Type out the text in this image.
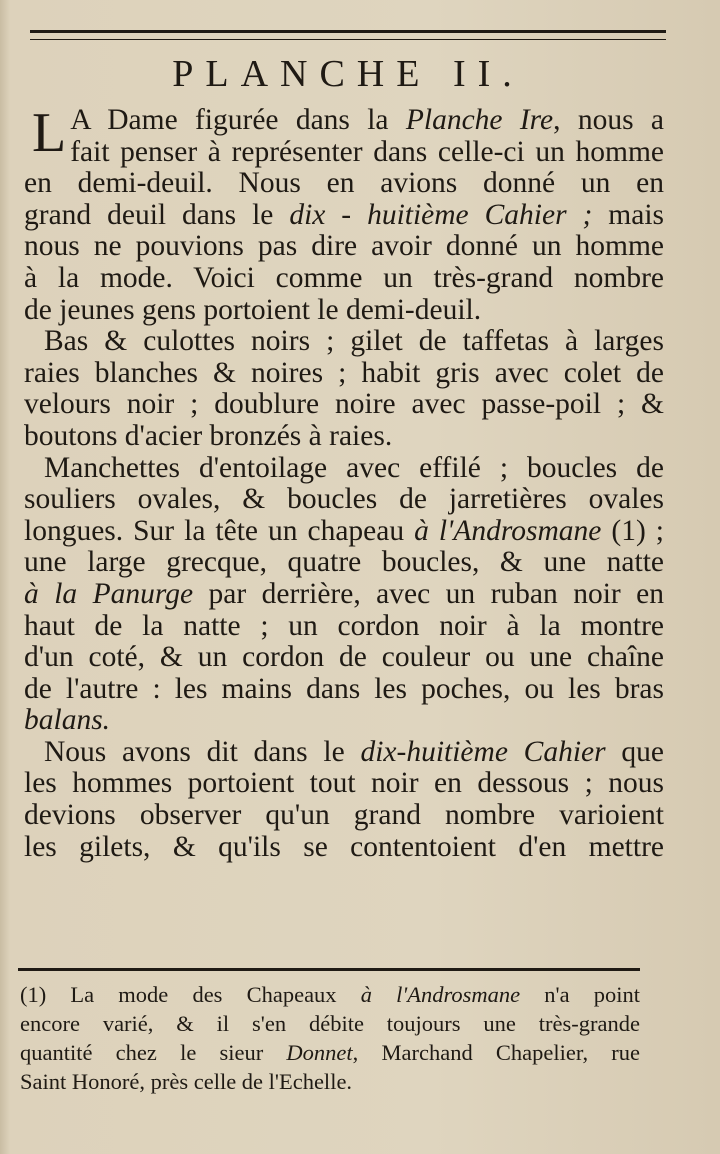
PLANCHE II.
L A Dame figurée dans la Planche Ire, nous a
fait penser à représenter dans celle-ci un homme
en demi-deuil. Nous en avions donné un en
grand deuil dans le dix - huitième Cahier ; mais
nous ne pouvions pas dire avoir donné un homme
à la mode. Voici comme un très-grand nombre
de jeunes gens portoient le demi-deuil.
Bas & culottes noirs ; gilet de taffetas à larges
raies blanches & noires ; habit gris avec colet de
velours noir ; doublure noire avec passe-poil ; &
boutons d'acier bronzés à raies.
Manchettes d'entoilage avec effilé ; boucles de
souliers ovales, & boucles de jarretières ovales
longues. Sur la tête un chapeau à l'Androsmane (1) ;
une large grecque, quatre boucles, & une natte
à la Panurge par derrière, avec un ruban noir en
haut de la natte ; un cordon noir à la montre
d'un coté, & un cordon de couleur ou une chaîne
de l'autre : les mains dans les poches, ou les bras
balans.
Nous avons dit dans le dix-huitième Cahier que
les hommes portoient tout noir en dessous ; nous
devions observer qu'un grand nombre varioient
les gilets, & qu'ils se contentoient d'en mettre
(1) La mode des Chapeaux à l'Androsmane n'a point
encore varié, & il s'en débite toujours une très-grande
quantité chez le sieur Donnet, Marchand Chapelier, rue
Saint Honoré, près celle de l'Echelle.
